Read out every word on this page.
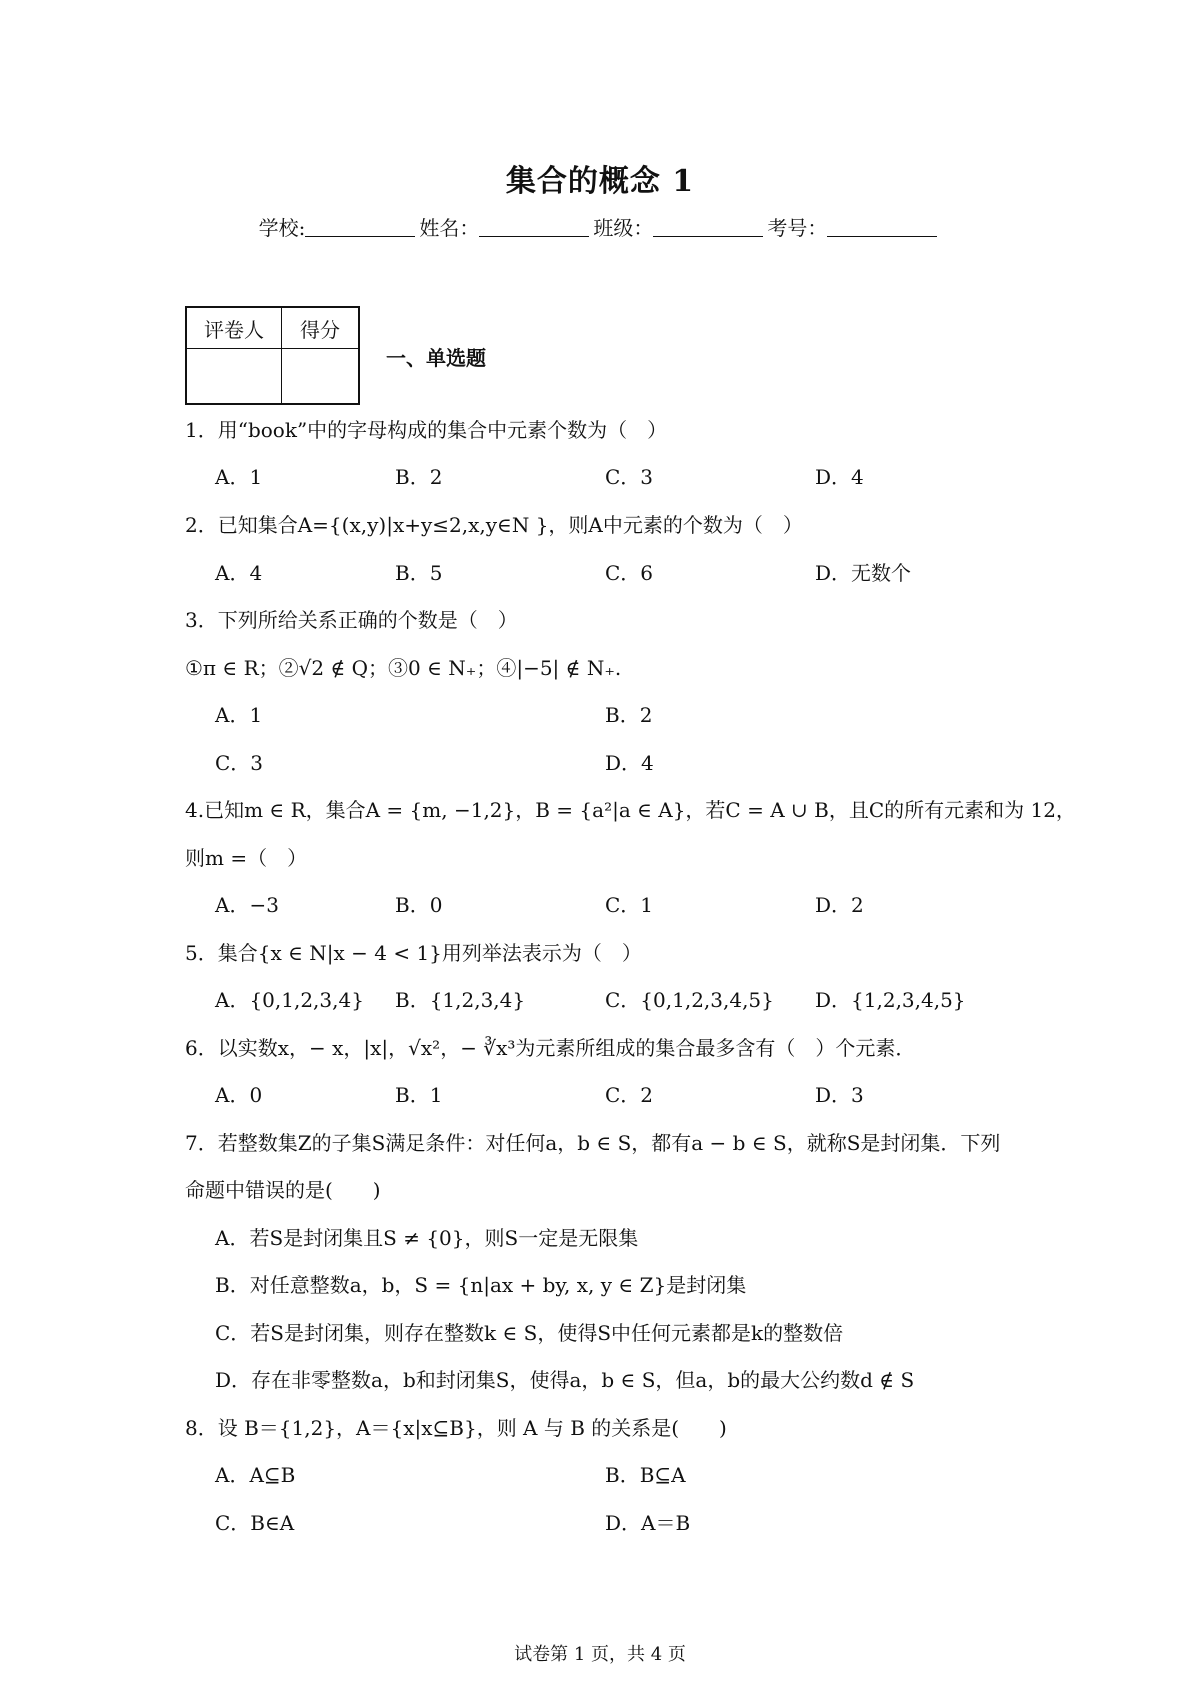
集合的概念 1
学校:	姓名：	班级：	考号：
评卷人	得分

一、单选题
1．用“book”中的字母构成的集合中元素个数为（　）
A．1	B．2	C．3	D．4
2．已知集合A={(x,y)|x+y≤2,x,y∈N }，则A中元素的个数为（　）
A．4	B．5	C．6	D．无数个
3．下列所给关系正确的个数是（　）
①π ∈ R；②√2 ∉ Q；③0 ∈ N₊；④|−5| ∉ N₊.
A．1	B．2
C．3	D．4
4.已知m ∈ R，集合A = {m, −1,2}，B = {a²|a ∈ A}，若C = A ∪ B，且C的所有元素和为 12，
则m =（　）
A．−3	B．0	C．1	D．2
5．集合{x ∈ N|x − 4 < 1}用列举法表示为（　）
A．{0,1,2,3,4} B．{1,2,3,4}	C．{0,1,2,3,4,5} D．{1,2,3,4,5}
6．以实数x，− x，|x|，√x²，− ∛x³为元素所组成的集合最多含有（　）个元素．
A．0	B．1	C．2	D．3
7．若整数集Z的子集S满足条件：对任何a，b ∈ S，都有a − b ∈ S，就称S是封闭集．下列
命题中错误的是(　　)
A．若S是封闭集且S ≠ {0}，则S一定是无限集
B．对任意整数a，b，S = {n|ax + by, x, y ∈ Z}是封闭集
C．若S是封闭集，则存在整数k ∈ S，使得S中任何元素都是k的整数倍
D．存在非零整数a，b和封闭集S，使得a，b ∈ S，但a，b的最大公约数d ∉ S
8．设 B＝{1,2}，A＝{x|x⊆B}，则 A 与 B 的关系是(　　)
A．A⊆B	B．B⊆A
C．B∈A	D．A＝B
试卷第 1 页，共 4 页
